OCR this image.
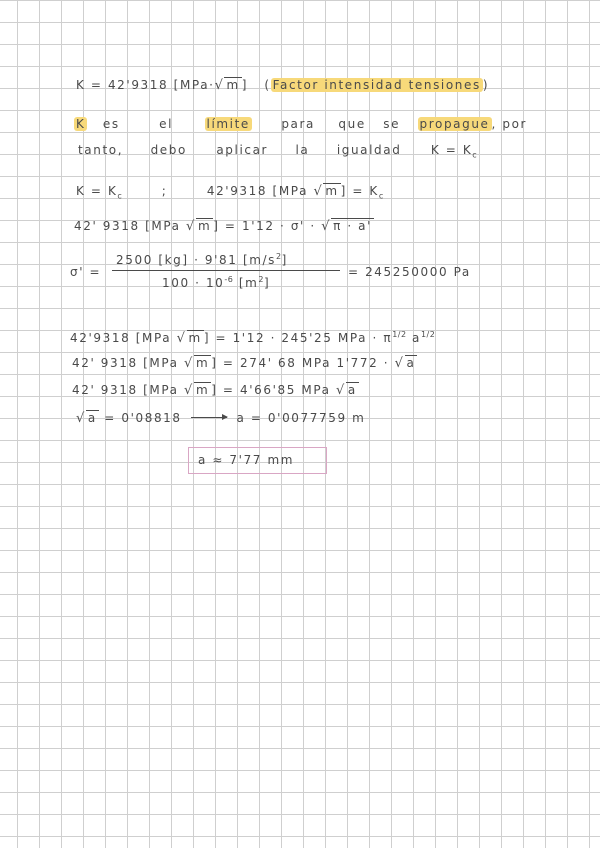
K = 42'9318 [MPa·√ m ] ( Factor intensidad tensiones )
K es	el	límite	para que se propague , por
tanto, debo aplicar la igualdad $K = K_c$
$K = K_c$	;	42'9318 [MPa √ m ] = $K_c$
42' 9318 [MPa √ m ] = 1'12 · σ' · √ π · a'
σ' =
2500 [kg] · 9'81 $[m/s^2]$
$100 \cdot 10^{-6}$ $[m^2]$
= 245250000 Pa
42'9318 [MPa √ m ] = 1'12 · 245'25 MPa · $\pi^{1/2}$ $a^{1/2}$
42' 9318 [MPa √ m ] = 274' 68 MPa 1'772 · √ a
42' 9318 [MPa √ m ] = 4'66'85 MPa √ a
√ a = 0'08818	a = 0'0077759 m
a ≈ 7'77 mm
